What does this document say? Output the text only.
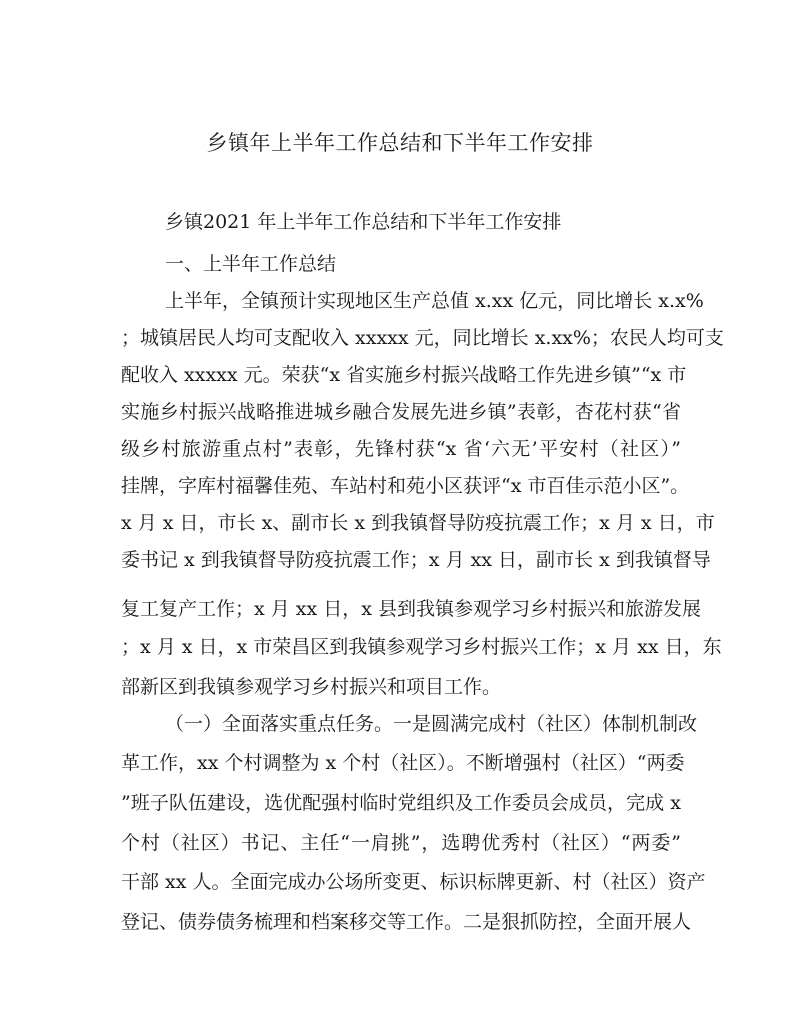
乡镇年上半年工作总结和下半年工作安排
乡镇2021 年上半年工作总结和下半年工作安排
一、上半年工作总结
上半年，全镇预计实现地区生产总值 x.xx 亿元，同比增长 x.x%
；城镇居民人均可支配收入 xxxxx 元，同比增长 x.xx%；农民人均可支
配收入 xxxxx 元。荣获“x 省实施乡村振兴战略工作先进乡镇”“x 市
实施乡村振兴战略推进城乡融合发展先进乡镇”表彰，杏花村获“省
级乡村旅游重点村”表彰，先锋村获“x 省‘六无’平安村（社区）”
挂牌，字库村福馨佳苑、车站村和苑小区获评“x 市百佳示范小区”。
x 月 x 日，市长 x、副市长 x 到我镇督导防疫抗震工作；x 月 x 日，市
委书记 x 到我镇督导防疫抗震工作；x 月 xx 日，副市长 x 到我镇督导
复工复产工作；x 月 xx 日，x 县到我镇参观学习乡村振兴和旅游发展
；x 月 x 日，x 市荣昌区到我镇参观学习乡村振兴工作；x 月 xx 日，东
部新区到我镇参观学习乡村振兴和项目工作。
（一）全面落实重点任务。一是圆满完成村（社区）体制机制改
革工作，xx 个村调整为 x 个村（社区）。不断增强村（社区）“两委
”班子队伍建设，选优配强村临时党组织及工作委员会成员，完成 x
个村（社区）书记、主任“一肩挑”，选聘优秀村（社区）“两委”
干部 xx 人。全面完成办公场所变更、标识标牌更新、村（社区）资产
登记、债券债务梳理和档案移交等工作。二是狠抓防控，全面开展人
